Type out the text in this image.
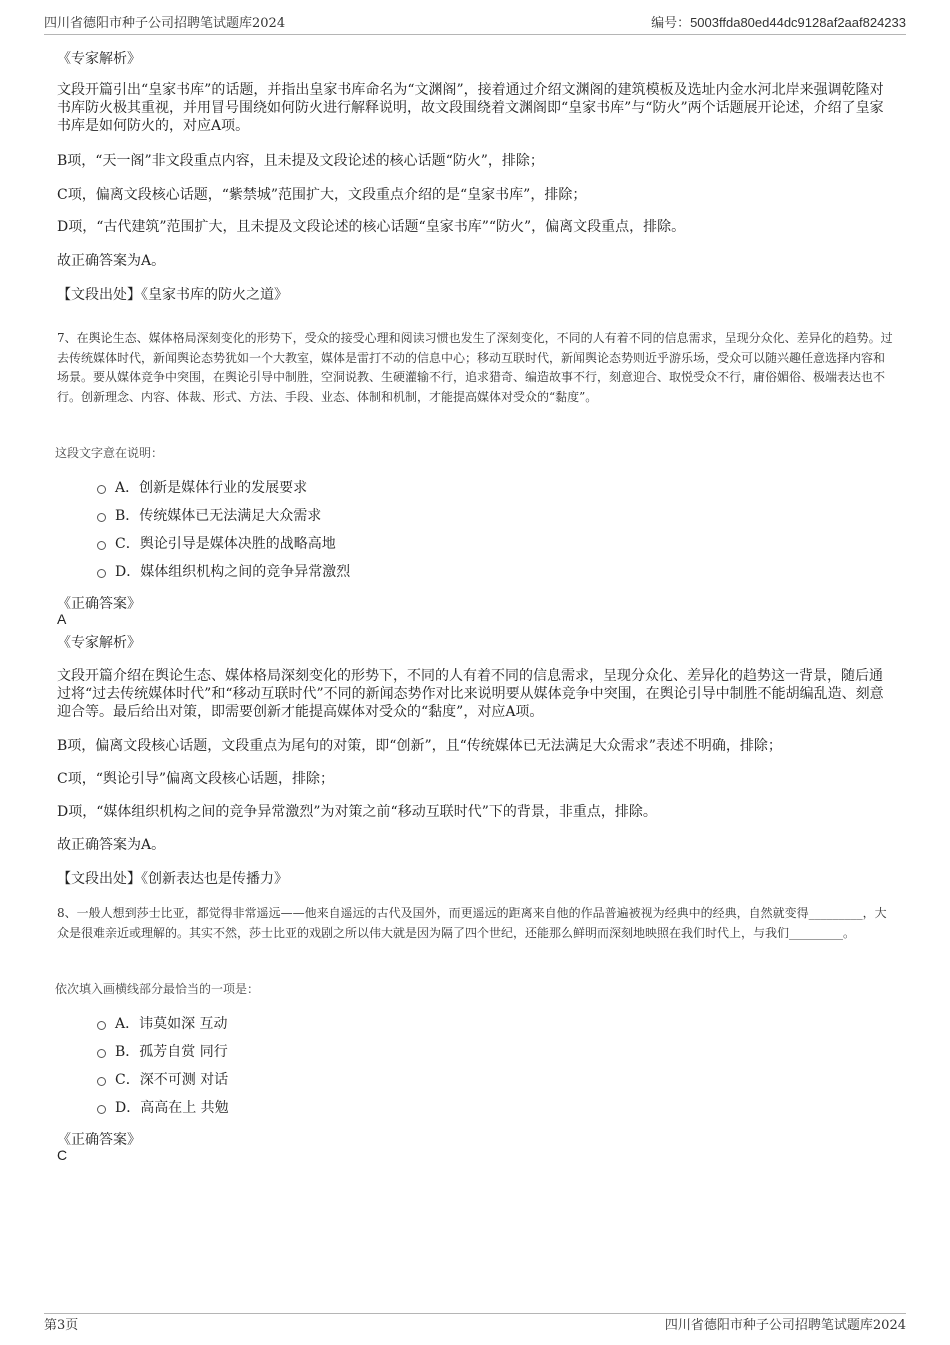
四川省德阳市种子公司招聘笔试题库2024	编号：5003ffda80ed44dc9128af2aaf824233
《专家解析》
文段开篇引出“皇家书库”的话题，并指出皇家书库命名为“文渊阁”，接着通过介绍文渊阁的建筑模板及选址内金水河北岸来强调乾隆对书库防火极其重视，并用冒号围绕如何防火进行解释说明，故文段围绕着文渊阁即“皇家书库”与“防火”两个话题展开论述，介绍了皇家书库是如何防火的，对应A项。
B项，“天一阁”非文段重点内容，且未提及文段论述的核心话题“防火”，排除；
C项，偏离文段核心话题，“紫禁城”范围扩大，文段重点介绍的是“皇家书库”，排除；
D项，“古代建筑”范围扩大，且未提及文段论述的核心话题“皇家书库”“防火”，偏离文段重点，排除。
故正确答案为A。
【文段出处】《皇家书库的防火之道》
7、在舆论生态、媒体格局深刻变化的形势下，受众的接受心理和阅读习惯也发生了深刻变化，不同的人有着不同的信息需求，呈现分众化、差异化的趋势。过去传统媒体时代，新闻舆论态势犹如一个大教室，媒体是雷打不动的信息中心；移动互联时代，新闻舆论态势则近乎游乐场，受众可以随兴趣任意选择内容和场景。要从媒体竞争中突围，在舆论引导中制胜，空洞说教、生硬灌输不行，追求猎奇、编造故事不行，刻意迎合、取悦受众不行，庸俗媚俗、极端表达也不行。创新理念、内容、体裁、形式、方法、手段、业态、体制和机制，才能提高媒体对受众的“黏度”。
这段文字意在说明：
A．创新是媒体行业的发展要求
B．传统媒体已无法满足大众需求
C．舆论引导是媒体决胜的战略高地
D．媒体组织机构之间的竞争异常激烈
《正确答案》
A
《专家解析》
文段开篇介绍在舆论生态、媒体格局深刻变化的形势下，不同的人有着不同的信息需求，呈现分众化、差异化的趋势这一背景，随后通过将“过去传统媒体时代”和“移动互联时代”不同的新闻态势作对比来说明要从媒体竞争中突围，在舆论引导中制胜不能胡编乱造、刻意迎合等。最后给出对策，即需要创新才能提高媒体对受众的“黏度”，对应A项。
B项，偏离文段核心话题，文段重点为尾句的对策，即“创新”，且“传统媒体已无法满足大众需求”表述不明确，排除；
C项，“舆论引导”偏离文段核心话题，排除；
D项，“媒体组织机构之间的竞争异常激烈”为对策之前“移动互联时代”下的背景，非重点，排除。
故正确答案为A。
【文段出处】《创新表达也是传播力》
8、一般人想到莎士比亚，都觉得非常遥远——他来自遥远的古代及国外，而更遥远的距离来自他的作品普遍被视为经典中的经典，自然就变得_________，大众是很难亲近或理解的。其实不然，莎士比亚的戏剧之所以伟大就是因为隔了四个世纪，还能那么鲜明而深刻地映照在我们时代上，与我们_________。
依次填入画横线部分最恰当的一项是：
A．讳莫如深 互动
B．孤芳自赏 同行
C．深不可测 对话
D．高高在上 共勉
《正确答案》
C
第3页	四川省德阳市种子公司招聘笔试题库2024
